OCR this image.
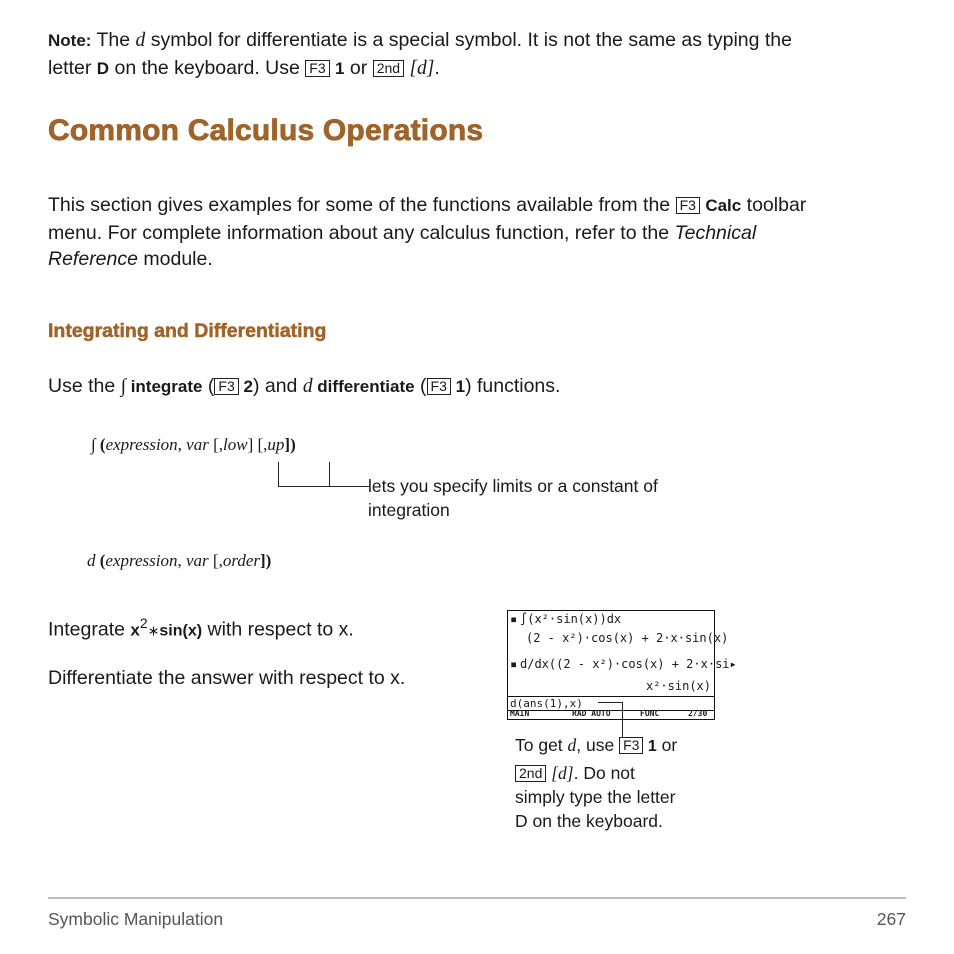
Note: The d symbol for differentiate is a special symbol. It is not the same as typing the
letter D on the keyboard. Use F3 1 or 2nd [d].
Common Calculus Operations
This section gives examples for some of the functions available from the F3 Calc toolbar
menu. For complete information about any calculus function, refer to the Technical
Reference module.
Integrating and Differentiating
Use the ∫ integrate ( F3 2) and d differentiate ( F3 1) functions.
∫ (expression, var [,low] [,up])
lets you specify limits or a constant of
integration
d (expression, var [,order])
Integrate $x^2∗\sin(x)$ with respect to x.
Differentiate the answer with respect to x.
▪ ∫(x²·sin(x))dx
(2 - x²)·cos(x) + 2·x·sin(x)
▪ d/dx((2 - x²)·cos(x) + 2·x·si▸
x²·sin(x)
d(ans(1),x)
MAIN	RAD AUTO	FUNC	2/30
To get d, use F3 1 or
2nd [d]. Do not
simply type the letter
D on the keyboard.
Symbolic Manipulation	267
